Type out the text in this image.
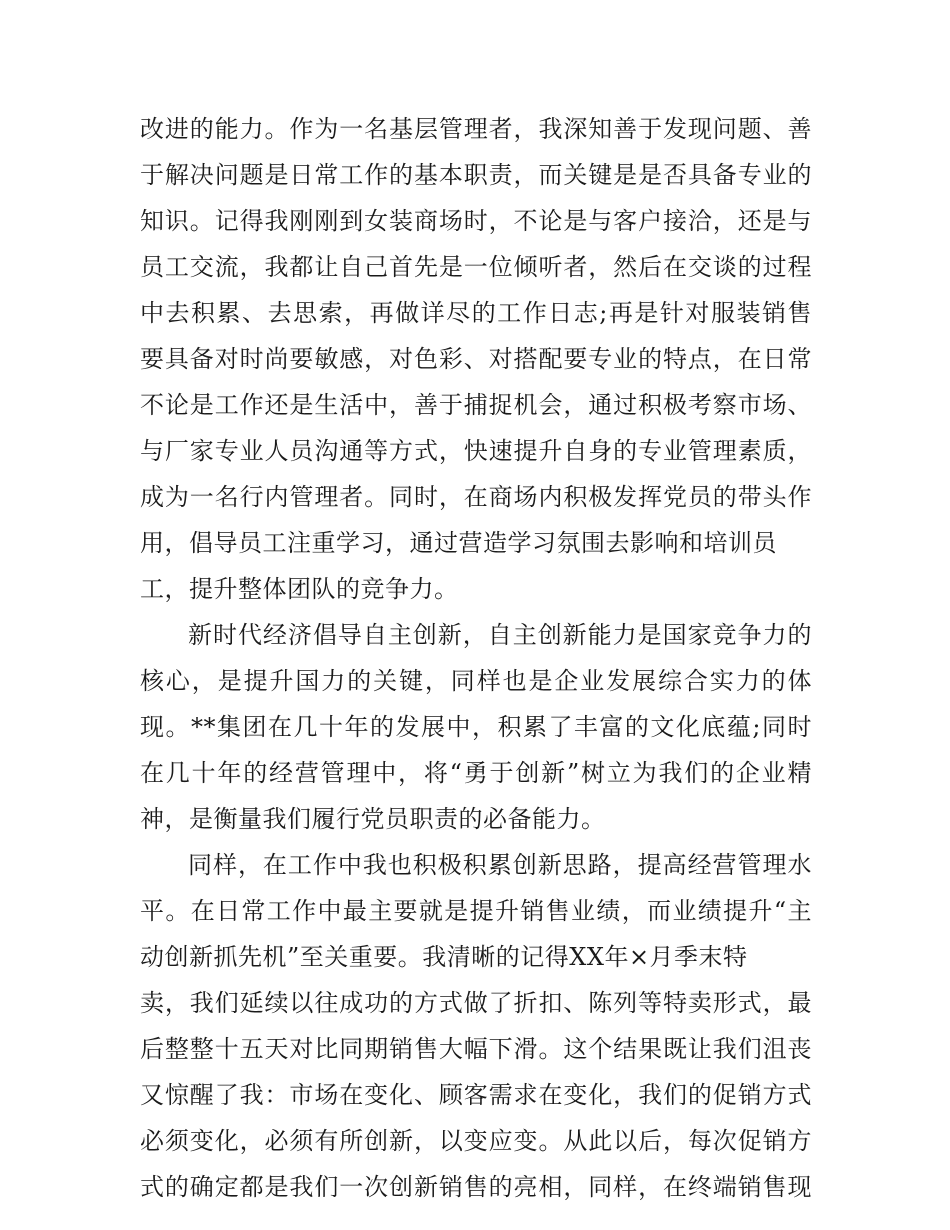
改进的能力。作为一名基层管理者，我深知善于发现问题、善
于解决问题是日常工作的基本职责，而关键是是否具备专业的
知识。记得我刚刚到女装商场时，不论是与客户接洽，还是与
员工交流，我都让自己首先是一位倾听者，然后在交谈的过程
中去积累、去思索，再做详尽的工作日志;再是针对服装销售
要具备对时尚要敏感，对色彩、对搭配要专业的特点，在日常
不论是工作还是生活中，善于捕捉机会，通过积极考察市场、
与厂家专业人员沟通等方式，快速提升自身的专业管理素质，
成为一名行内管理者。同时，在商场内积极发挥党员的带头作
用，倡导员工注重学习，通过营造学习氛围去影响和培训员
工，提升整体团队的竞争力。
新时代经济倡导自主创新，自主创新能力是国家竞争力的
核心，是提升国力的关键，同样也是企业发展综合实力的体
现。**集团在几十年的发展中，积累了丰富的文化底蕴;同时
在几十年的经营管理中，将“勇于创新”树立为我们的企业精
神，是衡量我们履行党员职责的必备能力。
同样，在工作中我也积极积累创新思路，提高经营管理水
平。在日常工作中最主要就是提升销售业绩，而业绩提升“主
动创新抓先机”至关重要。我清晰的记得XX年×月季末特
卖，我们延续以往成功的方式做了折扣、陈列等特卖形式，最
后整整十五天对比同期销售大幅下滑。这个结果既让我们沮丧
又惊醒了我：市场在变化、顾客需求在变化，我们的促销方式
必须变化，必须有所创新，以变应变。从此以后，每次促销方
式的确定都是我们一次创新销售的亮相，同样，在终端销售现
